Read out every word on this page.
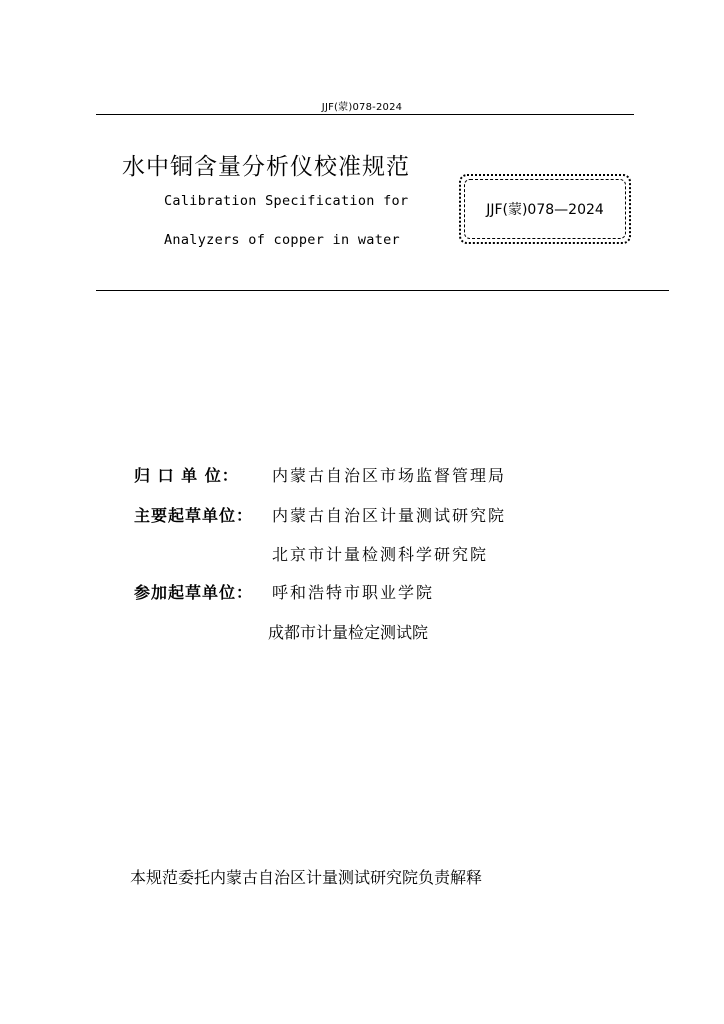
JJF(蒙)078-2024
水中铜含量分析仪校准规范
Calibration Specification for
Analyzers of copper in water
JJF(蒙)078—2024
归 口 单 位： 内蒙古自治区市场监督管理局
主要起草单位： 内蒙古自治区计量测试研究院
北京市计量检测科学研究院
参加起草单位： 呼和浩特市职业学院
成都市计量检定测试院
本规范委托内蒙古自治区计量测试研究院负责解释
